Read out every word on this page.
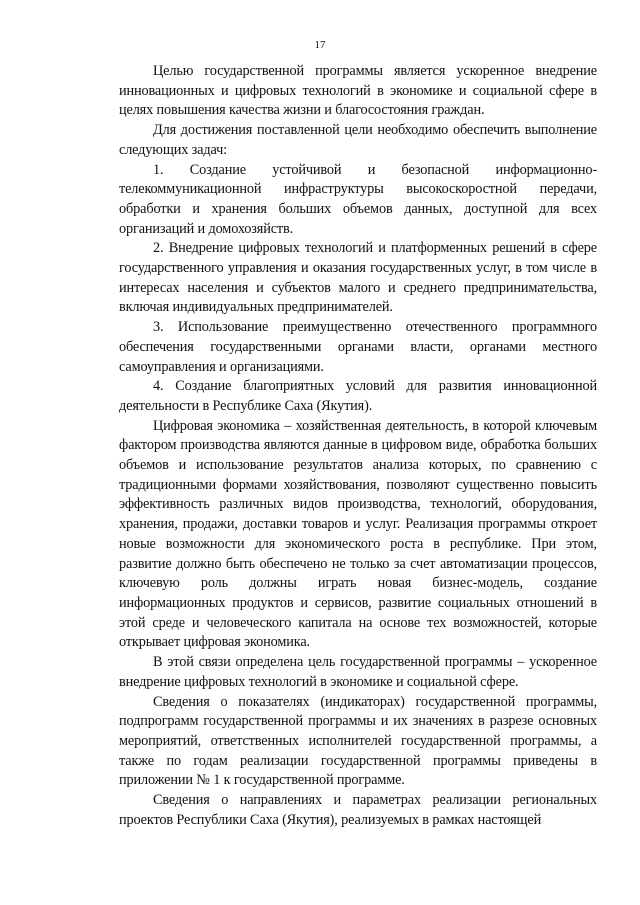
17

Целью государственной программы является ускоренное внедрение инновационных и цифровых технологий в экономике и социальной сфере в целях повышения качества жизни и благосостояния граждан.

Для достижения поставленной цели необходимо обеспечить выполнение следующих задач:

1. Создание устойчивой и безопасной информационно-телекоммуникационной инфраструктуры высокоскоростной передачи, обработки и хранения больших объемов данных, доступной для всех организаций и домохозяйств.

2. Внедрение цифровых технологий и платформенных решений в сфере государственного управления и оказания государственных услуг, в том числе в интересах населения и субъектов малого и среднего предпринимательства, включая индивидуальных предпринимателей.

3. Использование преимущественно отечественного программного обеспечения государственными органами власти, органами местного самоуправления и организациями.

4. Создание благоприятных условий для развития инновационной деятельности в Республике Саха (Якутия).

Цифровая экономика – хозяйственная деятельность, в которой ключевым фактором производства являются данные в цифровом виде, обработка больших объемов и использование результатов анализа которых, по сравнению с традиционными формами хозяйствования, позволяют существенно повысить эффективность различных видов производства, технологий, оборудования, хранения, продажи, доставки товаров и услуг. Реализация программы откроет новые возможности для экономического роста в республике. При этом, развитие должно быть обеспечено не только за счет автоматизации процессов, ключевую роль должны играть новая бизнес-модель, создание информационных продуктов и сервисов, развитие социальных отношений в этой среде и человеческого капитала на основе тех возможностей, которые открывает цифровая экономика.

В этой связи определена цель государственной программы – ускоренное внедрение цифровых технологий в экономике и социальной сфере.

Сведения о показателях (индикаторах) государственной программы, подпрограмм государственной программы и их значениях в разрезе основных мероприятий, ответственных исполнителей государственной программы, а также по годам реализации государственной программы приведены в приложении № 1 к государственной программе.

Сведения о направлениях и параметрах реализации региональных проектов Республики Саха (Якутия), реализуемых в рамках настоящей
